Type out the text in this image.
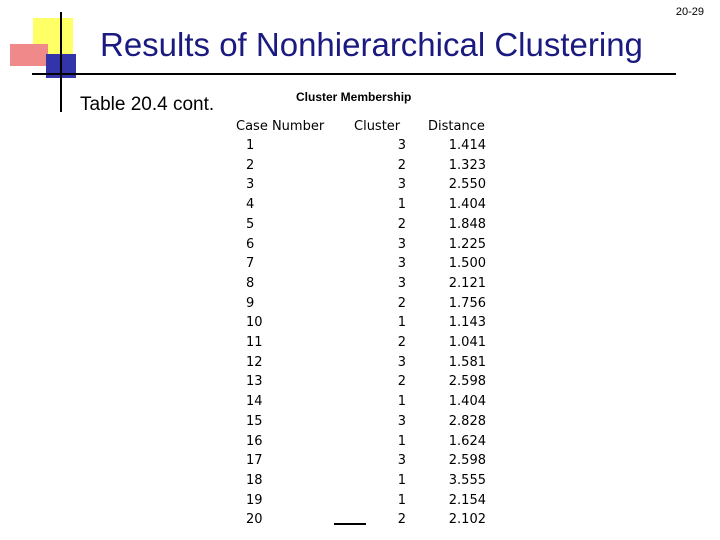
20-29
Results of Nonhierarchical Clustering
Table 20.4 cont.	Cluster Membership
Case Number
1
2
3
4
5
6
7
8
9
10
11
12
13
14
15
16
17
18
19
20
Cluster
3
2
3
1
2
3
3
3
2
1
2
3
2
1
3
1
3
1
1
2
Distance
1.414
1.323
2.550
1.404
1.848
1.225
1.500
2.121
1.756
1.143
1.041
1.581
2.598
1.404
2.828
1.624
2.598
3.555
2.154
2.102
